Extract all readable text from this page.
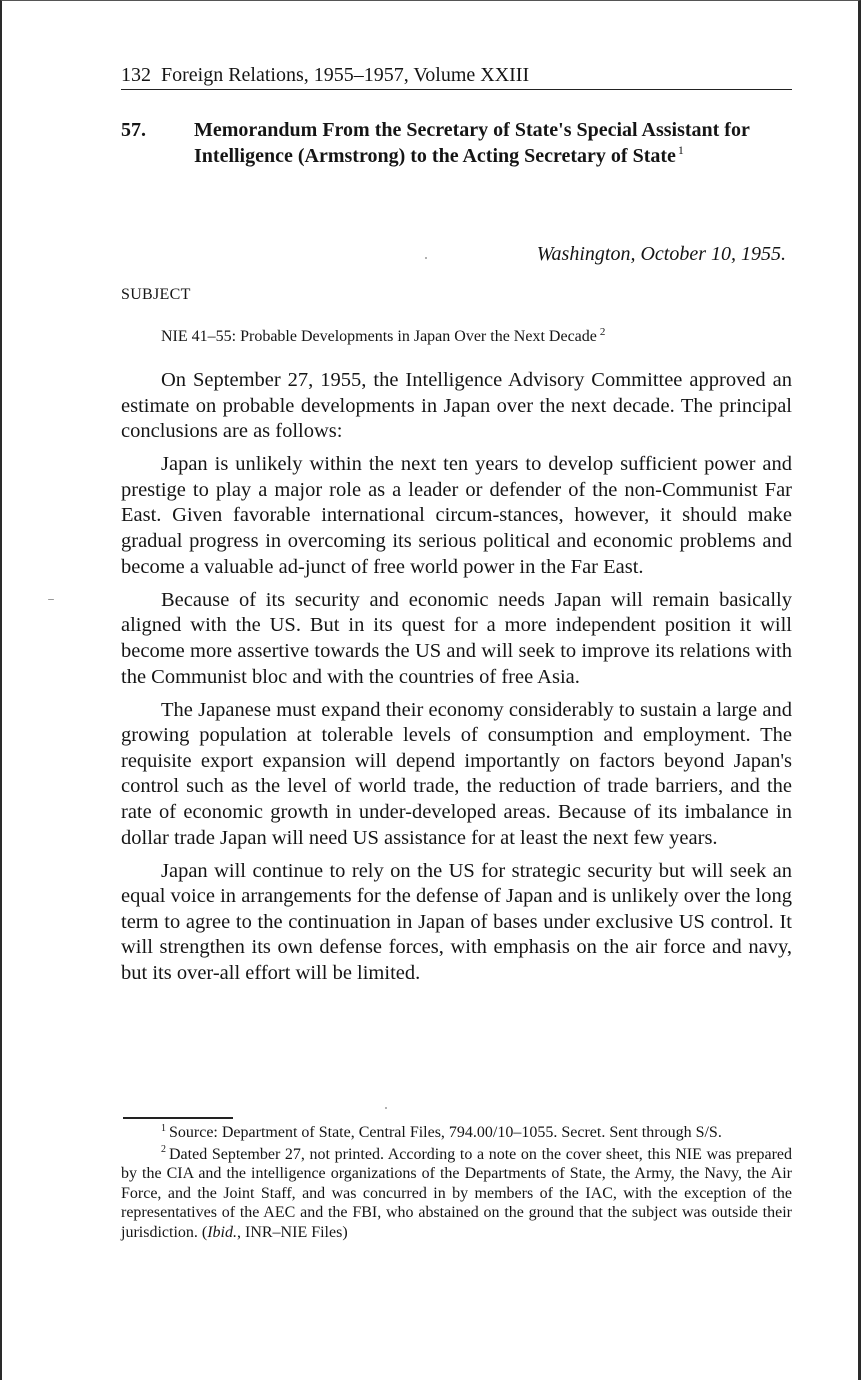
132 Foreign Relations, 1955–1957, Volume XXIII
57. Memorandum From the Secretary of State's Special Assistant for Intelligence (Armstrong) to the Acting Secretary of State $^1$
Washington, October 10, 1955.
SUBJECT
NIE 41–55: Probable Developments in Japan Over the Next Decade $^2$

On September 27, 1955, the Intelligence Advisory Committee approved an estimate on probable developments in Japan over the next decade. The principal conclusions are as follows:

Japan is unlikely within the next ten years to develop sufficient power and prestige to play a major role as a leader or defender of the non-Communist Far East. Given favorable international circum-stances, however, it should make gradual progress in overcoming its serious political and economic problems and become a valuable ad-junct of free world power in the Far East.

Because of its security and economic needs Japan will remain basically aligned with the US. But in its quest for a more independent position it will become more assertive towards the US and will seek to improve its relations with the Communist bloc and with the countries of free Asia.

The Japanese must expand their economy considerably to sustain a large and growing population at tolerable levels of consumption and employment. The requisite export expansion will depend importantly on factors beyond Japan's control such as the level of world trade, the reduction of trade barriers, and the rate of economic growth in under-developed areas. Because of its imbalance in dollar trade Japan will need US assistance for at least the next few years.

Japan will continue to rely on the US for strategic security but will seek an equal voice in arrangements for the defense of Japan and is unlikely over the long term to agree to the continuation in Japan of bases under exclusive US control. It will strengthen its own defense forces, with emphasis on the air force and navy, but its over-all effort will be limited.

$^1$ Source: Department of State, Central Files, 794.00/10–1055. Secret. Sent through S/S.

$^2$ Dated September 27, not printed. According to a note on the cover sheet, this NIE was prepared by the CIA and the intelligence organizations of the Departments of State, the Army, the Navy, the Air Force, and the Joint Staff, and was concurred in by members of the IAC, with the exception of the representatives of the AEC and the FBI, who abstained on the ground that the subject was outside their jurisdiction. (Ibid., INR–NIE Files)
